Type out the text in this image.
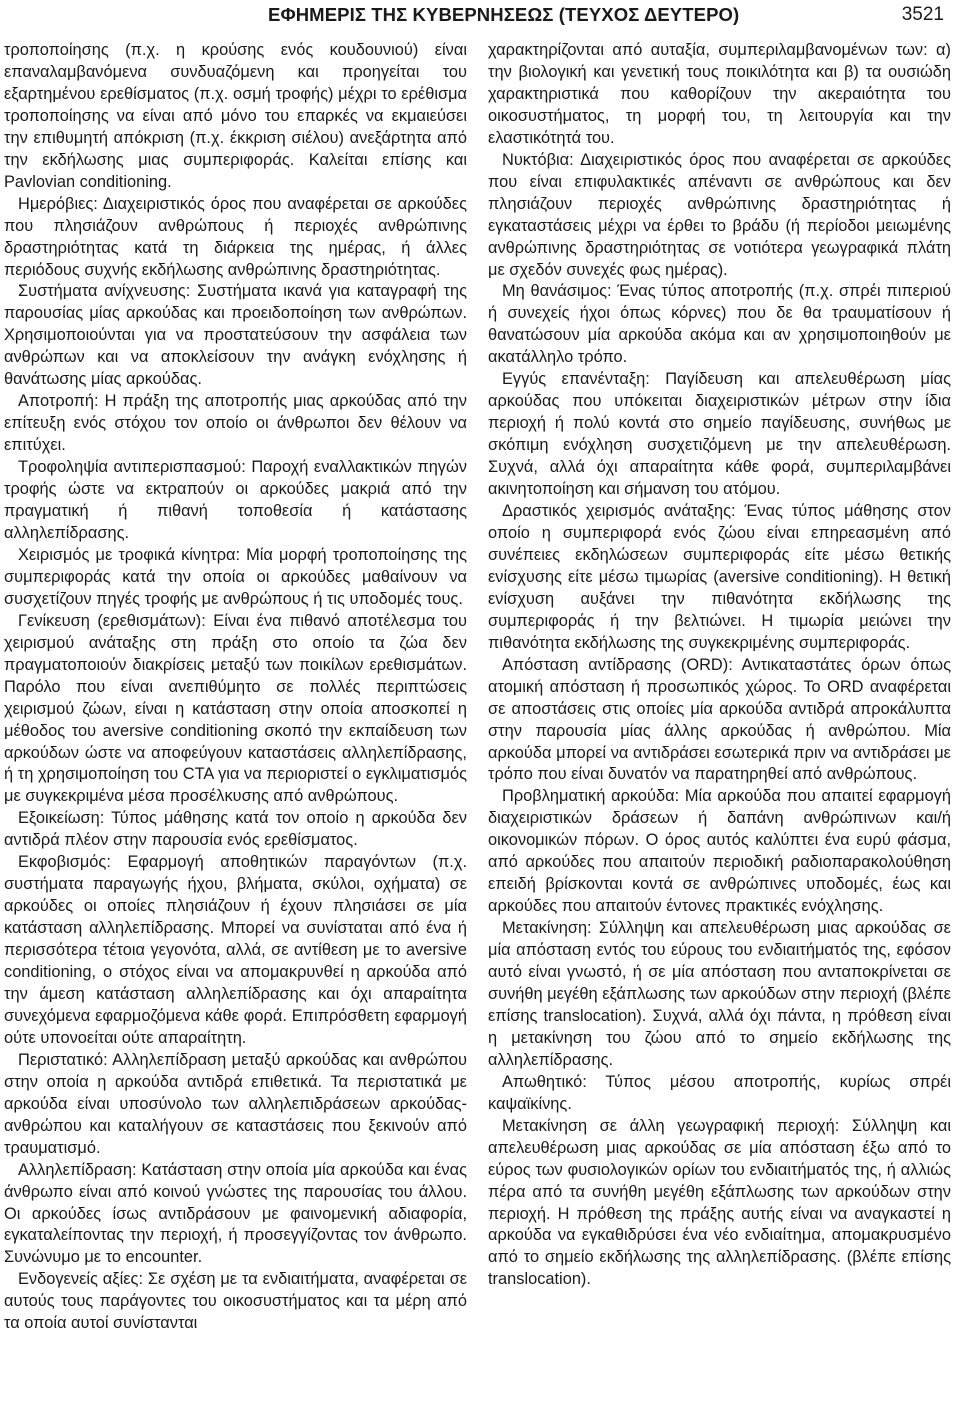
ΕΦΗΜΕΡΙΣ ΤΗΣ ΚΥΒΕΡΝΗΣΕΩΣ (ΤΕΥΧΟΣ ΔΕΥΤΕΡΟ)	3521

τροποποίησης (π.χ. η κρούσης ενός κουδουνιού) είναι επαναλαμβανόμενα συνδυαζόμενη και προηγείται του εξαρτημένου ερεθίσματος (π.χ. οσμή τροφής) μέχρι το ερέθισμα τροποποίησης να είναι από μόνο του επαρκές να εκμαιεύσει την επιθυμητή απόκριση (π.χ. έκκριση σιέλου) ανεξάρτητα από την εκδήλωσης μιας συμπεριφοράς. Καλείται επίσης και Pavlovian conditioning.

Ημερόβιες: Διαχειριστικός όρος που αναφέρεται σε αρκούδες που πλησιάζουν ανθρώπους ή περιοχές ανθρώπινης δραστηριότητας κατά τη διάρκεια της ημέρας, ή άλλες περιόδους συχνής εκδήλωσης ανθρώπινης δραστηριότητας.

Συστήματα ανίχνευσης: Συστήματα ικανά για καταγραφή της παρουσίας μίας αρκούδας και προειδοποίηση των ανθρώπων. Χρησιμοποιούνται για να προστατεύσουν την ασφάλεια των ανθρώπων και να αποκλείσουν την ανάγκη ενόχλησης ή θανάτωσης μίας αρκούδας.

Αποτροπή: Η πράξη της αποτροπής μιας αρκούδας από την επίτευξη ενός στόχου τον οποίο οι άνθρωποι δεν θέλουν να επιτύχει.

Τροφοληψία αντιπερισπασμού: Παροχή εναλλακτικών πηγών τροφής ώστε να εκτραπούν οι αρκούδες μακριά από την πραγματική ή πιθανή τοποθεσία ή κατάστασης αλληλεπίδρασης.

Χειρισμός με τροφικά κίνητρα: Μία μορφή τροποποίησης της συμπεριφοράς κατά την οποία οι αρκούδες μαθαίνουν να συσχετίζουν πηγές τροφής με ανθρώπους ή τις υποδομές τους.

Γενίκευση (ερεθισμάτων): Είναι ένα πιθανό αποτέλεσμα του χειρισμού ανάταξης στη πράξη στο οποίο τα ζώα δεν πραγματοποιούν διακρίσεις μεταξύ των ποικίλων ερεθισμάτων. Παρόλο που είναι ανεπιθύμητο σε πολλές περιπτώσεις χειρισμού ζώων, είναι η κατάσταση στην οποία αποσκοπεί η μέθοδος του aversive conditioning σκοπό την εκπαίδευση των αρκούδων ώστε να αποφεύγουν καταστάσεις αλληλεπίδρασης, ή τη χρησιμοποίηση του CTA για να περιοριστεί ο εγκλιματισμός με συγκεκριμένα μέσα προσέλκυσης από ανθρώπους.

Εξοικείωση: Τύπος μάθησης κατά τον οποίο η αρκούδα δεν αντιδρά πλέον στην παρουσία ενός ερεθίσματος.

Εκφοβισμός: Εφαρμογή αποθητικών παραγόντων (π.χ. συστήματα παραγωγής ήχου, βλήματα, σκύλοι, οχήματα) σε αρκούδες οι οποίες πλησιάζουν ή έχουν πλησιάσει σε μία κατάσταση αλληλεπίδρασης. Μπορεί να συνίσταται από ένα ή περισσότερα τέτοια γεγονότα, αλλά, σε αντίθεση με το aversive conditioning, ο στόχος είναι να απομακρυνθεί η αρκούδα από την άμεση κατάσταση αλληλεπίδρασης και όχι απαραίτητα συνεχόμενα εφαρμοζόμενα κάθε φορά. Επιπρόσθετη εφαρμογή ούτε υπονοείται ούτε απαραίτητη.

Περιστατικό: Αλληλεπίδραση μεταξύ αρκούδας και ανθρώπου στην οποία η αρκούδα αντιδρά επιθετικά. Τα περιστατικά με αρκούδα είναι υποσύνολο των αλληλεπιδράσεων αρκούδας-ανθρώπου και καταλήγουν σε καταστάσεις που ξεκινούν από τραυματισμό.

Αλληλεπίδραση: Κατάσταση στην οποία μία αρκούδα και ένας άνθρωπο είναι από κοινού γνώστες της παρουσίας του άλλου. Οι αρκούδες ίσως αντιδράσουν με φαινομενική αδιαφορία, εγκαταλείποντας την περιοχή, ή προσεγγίζοντας τον άνθρωπο. Συνώνυμο με το encounter.

Ενδογενείς αξίες: Σε σχέση με τα ενδιαιτήματα, αναφέρεται σε αυτούς τους παράγοντες του οικοσυστήματος και τα μέρη από τα οποία αυτοί συνίστανται

χαρακτηρίζονται από αυταξία, συμπεριλαμβανομένων των: α) την βιολογική και γενετική τους ποικιλότητα και β) τα ουσιώδη χαρακτηριστικά που καθορίζουν την ακεραιότητα του οικοσυστήματος, τη μορφή του, τη λειτουργία και την ελαστικότητά του.

Νυκτόβια: Διαχειριστικός όρος που αναφέρεται σε αρκούδες που είναι επιφυλακτικές απέναντι σε ανθρώπους και δεν πλησιάζουν περιοχές ανθρώπινης δραστηριότητας ή εγκαταστάσεις μέχρι να έρθει το βράδυ (ή περίοδοι μειωμένης ανθρώπινης δραστηριότητας σε νοτιότερα γεωγραφικά πλάτη με σχεδόν συνεχές φως ημέρας).

Μη θανάσιμος: Ένας τύπος αποτροπής (π.χ. σπρέι πιπεριού ή συνεχείς ήχοι όπως κόρνες) που δε θα τραυματίσουν ή θανατώσουν μία αρκούδα ακόμα και αν χρησιμοποιηθούν με ακατάλληλο τρόπο.

Εγγύς επανένταξη: Παγίδευση και απελευθέρωση μίας αρκούδας που υπόκειται διαχειριστικών μέτρων στην ίδια περιοχή ή πολύ κοντά στο σημείο παγίδευσης, συνήθως με σκόπιμη ενόχληση συσχετιζόμενη με την απελευθέρωση. Συχνά, αλλά όχι απαραίτητα κάθε φορά, συμπεριλαμβάνει ακινητοποίηση και σήμανση του ατόμου.

Δραστικός χειρισμός ανάταξης: Ένας τύπος μάθησης στον οποίο η συμπεριφορά ενός ζώου είναι επηρεασμένη από συνέπειες εκδηλώσεων συμπεριφοράς είτε μέσω θετικής ενίσχυσης είτε μέσω τιμωρίας (aversive conditioning). Η θετική ενίσχυση αυξάνει την πιθανότητα εκδήλωσης της συμπεριφοράς ή την βελτιώνει. Η τιμωρία μειώνει την πιθανότητα εκδήλωσης της συγκεκριμένης συμπεριφοράς.

Απόσταση αντίδρασης (ORD): Αντικαταστάτες όρων όπως ατομική απόσταση ή προσωπικός χώρος. Το ORD αναφέρεται σε αποστάσεις στις οποίες μία αρκούδα αντιδρά απροκάλυπτα στην παρουσία μίας άλλης αρκούδας ή ανθρώπου. Μία αρκούδα μπορεί να αντιδράσει εσωτερικά πριν να αντιδράσει με τρόπο που είναι δυνατόν να παρατηρηθεί από ανθρώπους.

Προβληματική αρκούδα: Μία αρκούδα που απαιτεί εφαρμογή διαχειριστικών δράσεων ή δαπάνη ανθρώπινων και/ή οικονομικών πόρων. Ο όρος αυτός καλύπτει ένα ευρύ φάσμα, από αρκούδες που απαιτούν περιοδική ραδιοπαρακολούθηση επειδή βρίσκονται κοντά σε ανθρώπινες υποδομές, έως και αρκούδες που απαιτούν έντονες πρακτικές ενόχλησης.

Μετακίνηση: Σύλληψη και απελευθέρωση μιας αρκούδας σε μία απόσταση εντός του εύρους του ενδιαιτήματός της, εφόσον αυτό είναι γνωστό, ή σε μία απόσταση που ανταποκρίνεται σε συνήθη μεγέθη εξάπλωσης των αρκούδων στην περιοχή (βλέπε επίσης translocation). Συχνά, αλλά όχι πάντα, η πρόθεση είναι η μετακίνηση του ζώου από το σημείο εκδήλωσης της αλληλεπίδρασης.

Απωθητικό: Τύπος μέσου αποτροπής, κυρίως σπρέι καψαϊκίνης.

Μετακίνηση σε άλλη γεωγραφική περιοχή: Σύλληψη και απελευθέρωση μιας αρκούδας σε μία απόσταση έξω από το εύρος των φυσιολογικών ορίων του ενδιαιτήματός της, ή αλλιώς πέρα από τα συνήθη μεγέθη εξάπλωσης των αρκούδων στην περιοχή. Η πρόθεση της πράξης αυτής είναι να αναγκαστεί η αρκούδα να εγκαθιδρύσει ένα νέο ενδιαίτημα, απομακρυσμένο από το σημείο εκδήλωσης της αλληλεπίδρασης. (βλέπε επίσης translocation).
